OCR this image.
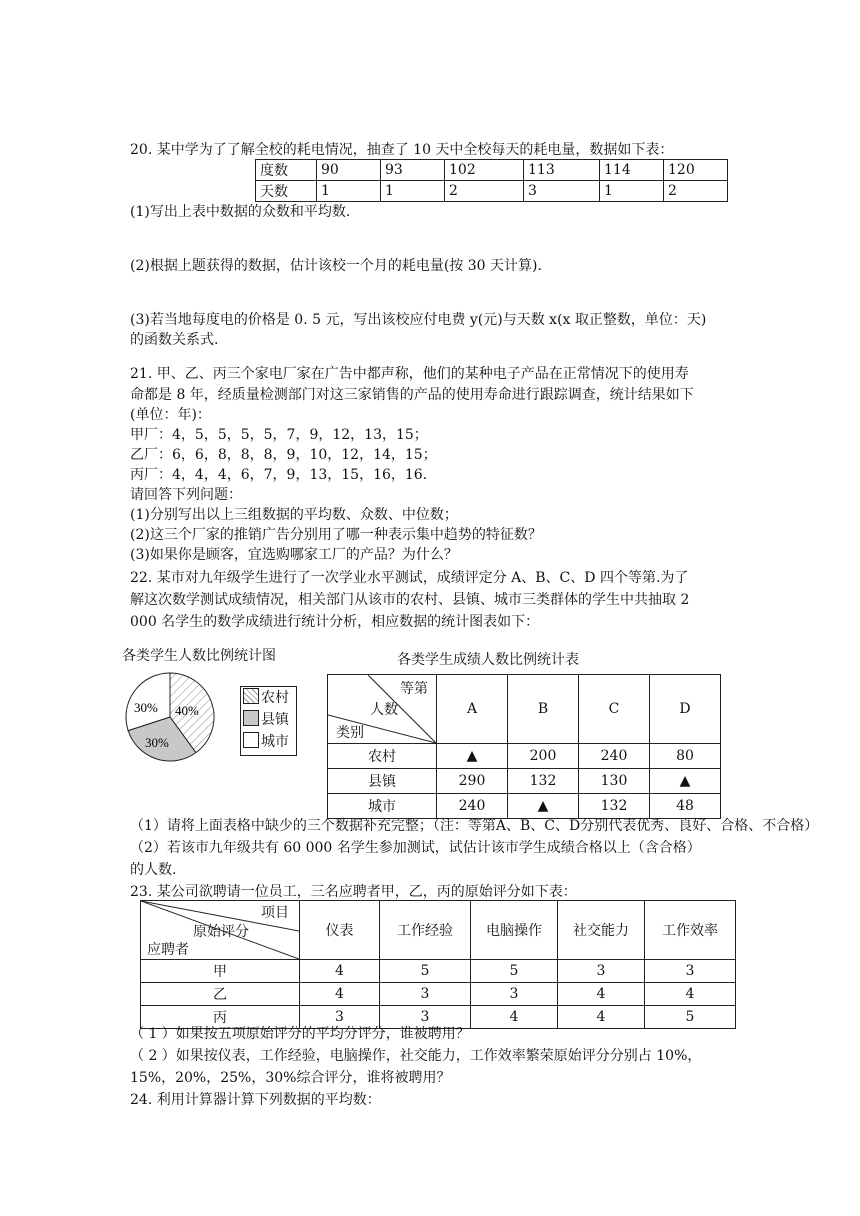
20. 某中学为了了解全校的耗电情况，抽查了 10 天中全校每天的耗电量，数据如下表：
度数	90	93	102	113	114	120
天数	1	1	2	3	1	2
(1)写出上表中数据的众数和平均数.
(2)根据上题获得的数据，估计该校一个月的耗电量(按 30 天计算).
(3)若当地每度电的价格是 0. 5 元，写出该校应付电费 y(元)与天数 x(x 取正整数，单位：天)
的函数关系式.
21. 甲、乙、丙三个家电厂家在广告中都声称，他们的某种电子产品在正常情况下的使用寿
命都是 8 年，经质量检测部门对这三家销售的产品的使用寿命进行跟踪调查，统计结果如下
(单位：年)：
甲厂：4，5，5，5，5，7，9，12，13，15；
乙厂：6，6，8，8，8，9，10，12，14，15；
丙厂：4，4，4，6，7，9，13，15，16，16.
请回答下列问题：
(1)分别写出以上三组数据的平均数、众数、中位数；
(2)这三个厂家的推销广告分别用了哪一种表示集中趋势的特征数？
(3)如果你是顾客，宜选购哪家工厂的产品？为什么？
22. 某市对九年级学生进行了一次学业水平测试，成绩评定分 A、B、C、D 四个等第.为了
解这次数学测试成绩情况，相关部门从该市的农村、县镇、城市三类群体的学生中共抽取 2
000 名学生的数学成绩进行统计分析，相应数据的统计图表如下：
各类学生人数比例统计图	各类学生成绩人数比例统计表
40%
30%
30%
农村
县镇
城市
等第
人数
类别	A	B	C	D
农村	▲	200	240	80
县镇	290	132	130	▲
城市	240	▲	132	48
（1）请将上面表格中缺少的三个数据补充完整；（注：等第A、B、C、D分别代表优秀、良好、合格、不合格）
（2）若该市九年级共有 60 000 名学生参加测试，试估计该市学生成绩合格以上（含合格）
的人数.
23. 某公司欲聘请一位员工，三名应聘者甲，乙，丙的原始评分如下表：
项目
原始评分
应聘者	仪表	工作经验	电脑操作	社交能力	工作效率
甲	4	5	5	3	3
乙	4	3	3	4	4
丙	3	3	4	4	5
（ 1 ）如果按五项原始评分的平均分评分，谁被聘用？
（ 2 ）如果按仪表，工作经验，电脑操作，社交能力，工作效率繁荣原始评分分别占 10%，
15%，20%，25%，30%综合评分，谁将被聘用？
24. 利用计算器计算下列数据的平均数：
